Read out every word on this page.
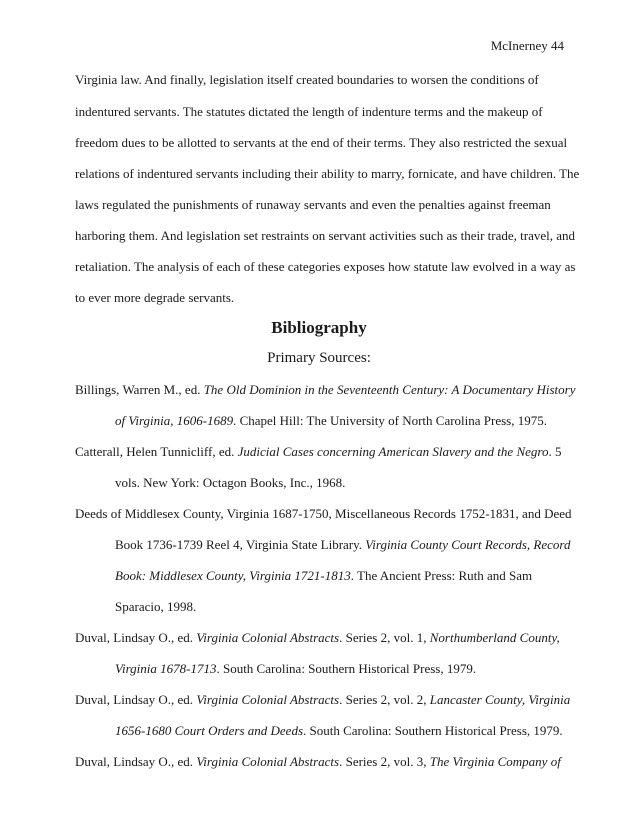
McInerney 44
Virginia law. And finally, legislation itself created boundaries to worsen the conditions of
indentured servants. The statutes dictated the length of indenture terms and the makeup of
freedom dues to be allotted to servants at the end of their terms. They also restricted the sexual
relations of indentured servants including their ability to marry, fornicate, and have children. The
laws regulated the punishments of runaway servants and even the penalties against freeman
harboring them. And legislation set restraints on servant activities such as their trade, travel, and
retaliation. The analysis of each of these categories exposes how statute law evolved in a way as
to ever more degrade servants.
Bibliography
Primary Sources:
Billings, Warren M., ed. The Old Dominion in the Seventeenth Century: A Documentary History
of Virginia, 1606-1689. Chapel Hill: The University of North Carolina Press, 1975.
Catterall, Helen Tunnicliff, ed. Judicial Cases concerning American Slavery and the Negro. 5
vols. New York: Octagon Books, Inc., 1968.
Deeds of Middlesex County, Virginia 1687-1750, Miscellaneous Records 1752-1831, and Deed
Book 1736-1739 Reel 4, Virginia State Library. Virginia County Court Records, Record
Book: Middlesex County, Virginia 1721-1813. The Ancient Press: Ruth and Sam
Sparacio, 1998.
Duval, Lindsay O., ed. Virginia Colonial Abstracts. Series 2, vol. 1, Northumberland County,
Virginia 1678-1713. South Carolina: Southern Historical Press, 1979.
Duval, Lindsay O., ed. Virginia Colonial Abstracts. Series 2, vol. 2, Lancaster County, Virginia
1656-1680 Court Orders and Deeds. South Carolina: Southern Historical Press, 1979.
Duval, Lindsay O., ed. Virginia Colonial Abstracts. Series 2, vol. 3, The Virginia Company of
